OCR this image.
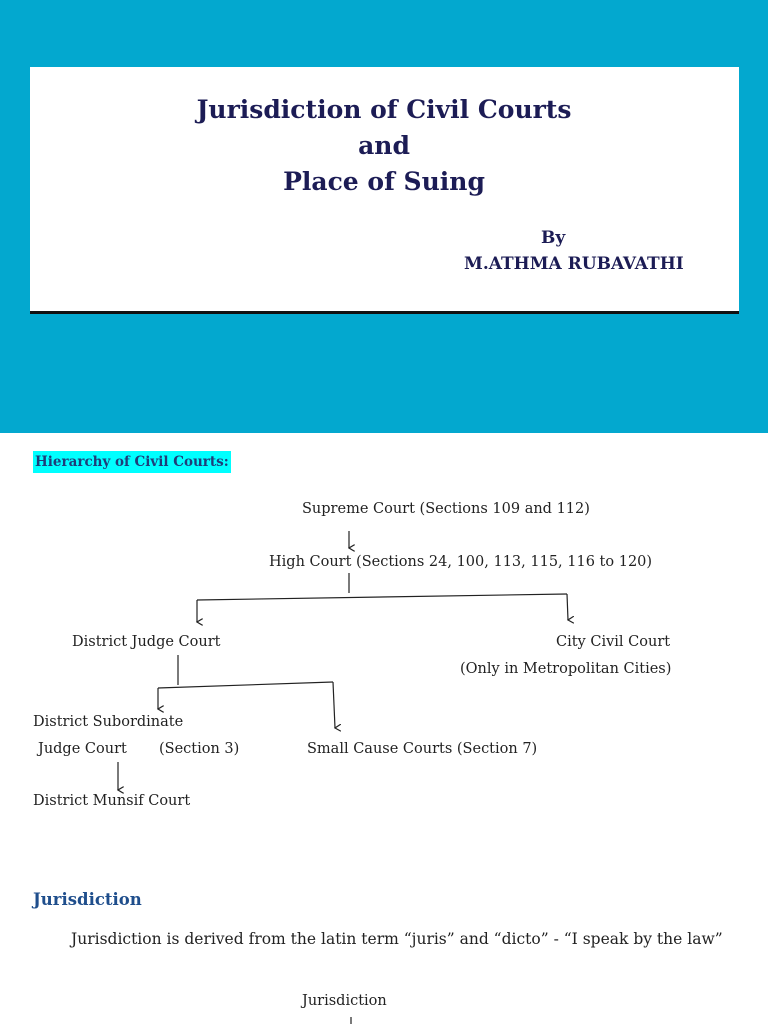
Jurisdiction of Civil Courts
and
Place of Suing
By
M.ATHMA RUBAVATHI
Hierarchy of Civil Courts:
Supreme Court (Sections 109 and 112)
High Court (Sections 24, 100, 113, 115, 116 to 120)
District Judge Court	City Civil Court
(Only in Metropolitan Cities)
District Subordinate
Judge Court (Section 3)	Small Cause Courts (Section 7)
District Munsif Court
Jurisdiction
Jurisdiction is derived from the latin term “juris” and “dicto” - “I speak by the law”
Jurisdiction
